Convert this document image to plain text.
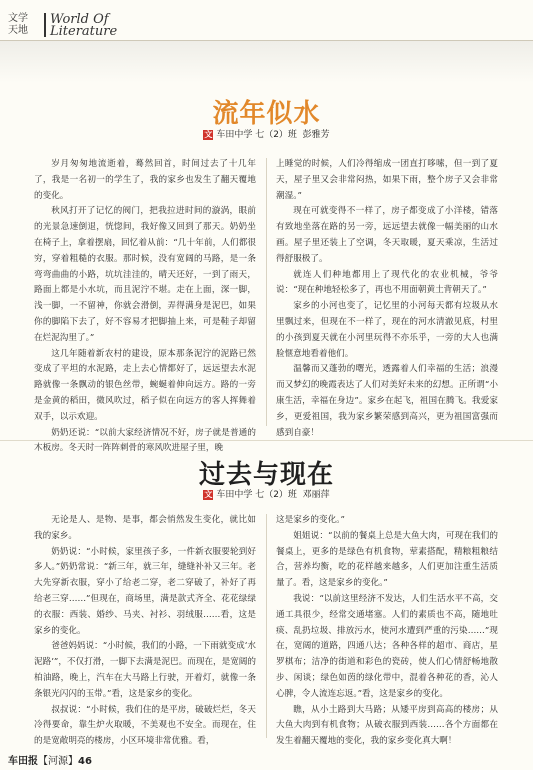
文学
天地
World Of
Literature
流年似水
文 车田中学 七（2）班 彭雅芳

岁月匆匆地流逝着，蓦然回首，时间过去了十几年了，我是一名初一的学生了，我的家乡也发生了翻天覆地的变化。

秋风打开了记忆的阀门，把我拉进时间的漩涡，眼前的光景急速倒退，恍惚间，我好像又回到了那天。奶奶坐在椅子上，拿着摆扇，回忆着从前：“几十年前，人们都很穷，穿着粗糙的衣服。那时候，没有宽阔的马路，是一条弯弯曲曲的小路，坑坑洼洼的，晴天还好，一到了雨天，路面上都是小水坑，而且泥泞不堪。走在上面，深一脚，浅一脚，一不留神，你就会滑倒，弄得满身是泥巴，如果你的脚陷下去了，好不容易才把脚抽上来，可是鞋子却留在烂泥沟里了。”

这几年随着新农村的建设，原本那条泥泞的泥路已然变成了平坦的水泥路，走上去心情都好了，远远望去水泥路就像一条飘动的银色丝带，蜿蜒着伸向远方。路的一旁是金黄的稻田，微风吹过，稻子似在向远方的客人挥舞着双手，以示欢迎。

奶奶还说：“以前大家经济情况不好，房子就是普通的木板房。冬天时一阵阵刺骨的寒风吹进屋子里，晚

上睡觉的时候，人们冷得缩成一团直打哆嗦，但一到了夏天，屋子里又会非常闷热，如果下雨，整个房子又会非常潮湿。”

现在可就变得不一样了，房子都变成了小洋楼，错落有致地坐落在路的另一旁，远远望去就像一幅美丽的山水画。屋子里还装上了空调，冬天取暖，夏天乘凉，生活过得舒服极了。

就连人们种地都用上了现代化的农业机械，爷爷说：“现在种地轻松多了，再也不用面朝黄土背朝天了。”

家乡的小河也变了，记忆里的小河每天都有垃圾从水里飘过来，但现在不一样了，现在的河水清澈见底，村里的小孩到夏天就在小河里玩得不亦乐乎，一旁的大人也满脸惬意地看着他们。

温馨而又蓬勃的曙光，透露着人们幸福的生活；浪漫而又梦幻的晚霞表达了人们对美好未来的幻想。正所谓“小康生活，幸福在身边”。家乡在起飞，祖国在腾飞。我爱家乡，更爱祖国，我为家乡繁荣感到高兴，更为祖国富强而感到自豪！

过去与现在
文 车田中学 七（2）班 邓丽萍

无论是人、是物、是事，都会悄然发生变化，就比如我的家乡。

奶奶说：“小时候，家里孩子多，一件新衣服要轮到好多人。”奶奶常说：“新三年，就三年，缝缝补补又三年。老大先穿新衣服，穿小了给老二穿，老二穿破了，补好了再给老三穿……”但现在，商场里，满是款式齐全、花花绿绿的衣服：西装、婚纱、马夹、衬衫、羽绒服……看，这是家乡的变化。

爸爸妈妈说：“小时候，我们的小路，一下雨就变成‘水泥路’”，不仅打滑，一脚下去满是泥巴。而现在，是宽阔的柏油路，晚上，汽车在大马路上行驶，开着灯，就像一条条银光闪闪的玉带。”看，这是家乡的变化。

叔叔说：“小时候，我们住的是平房，破破烂烂，冬天冷得要命，靠生炉火取暖，不美观也不安全。而现在，住的是宽敞明亮的楼房，小区环境非常优雅。看，

这是家乡的变化。”

姐姐说：“以前的餐桌上总是大鱼大肉，可现在我们的餐桌上，更多的是绿色有机食物，荤素搭配，精粮粗粮结合，营养均衡，吃的花样越来越多，人们更加注重生活质量了。看，这是家乡的变化。”

我说：“以前这里经济不发达，人们生活水平不高，交通工具很少，经常交通堵塞。人们的素质也不高，随地吐痰、乱扔垃圾、排放污水，使河水遭到严重的污染……”现在，宽阔的道路，四通八达；各种各样的超市、商店，星罗棋布；洁净的街道和彩色的瓷砖，使人们心情舒畅地散步、闲谈；绿色如茵的绿化带中，混着各种花的香，沁人心脾，令人流连忘返。”看，这是家乡的变化。

瞧，从小土路到大马路；从矮平房到高高的楼房；从大鱼大肉到有机食物；从破衣服到西装……各个方面都在发生着翻天覆地的变化，我的家乡变化真大啊！

车田报【河源】46
